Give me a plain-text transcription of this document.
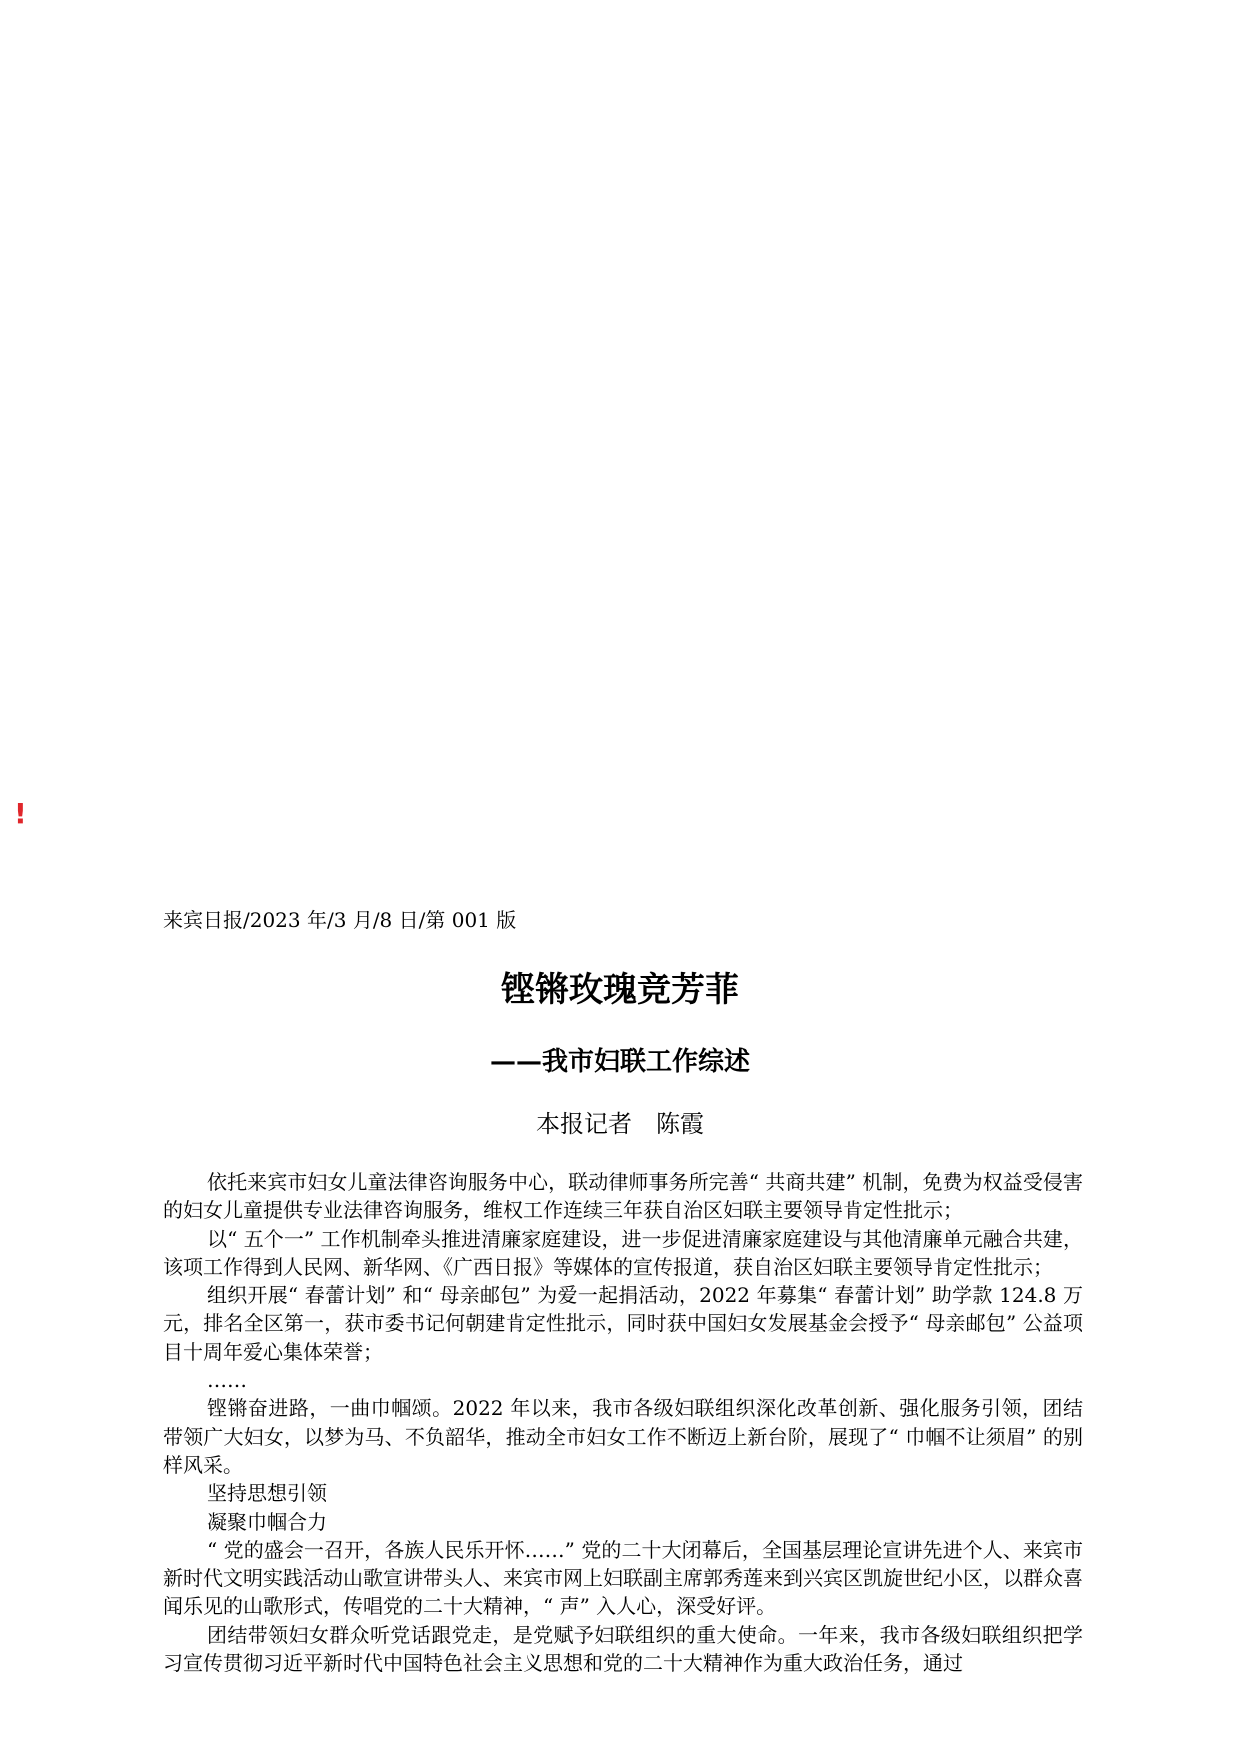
!
来宾日报/2023 年/3 月/8 日/第 001 版
铿锵玫瑰竞芳菲
——我市妇联工作综述
本报记者　陈霞

依托来宾市妇女儿童法律咨询服务中心，联动律师事务所完善“ 共商共建” 机制，免费为权益受侵害的妇女儿童提供专业法律咨询服务，维权工作连续三年获自治区妇联主要领导肯定性批示；

以“ 五个一” 工作机制牵头推进清廉家庭建设，进一步促进清廉家庭建设与其他清廉单元融合共建，该项工作得到人民网、新华网、《广西日报》等媒体的宣传报道，获自治区妇联主要领导肯定性批示；

组织开展“ 春蕾计划” 和“ 母亲邮包” 为爱一起捐活动，2022 年募集“ 春蕾计划” 助学款 124.8 万元，排名全区第一，获市委书记何朝建肯定性批示，同时获中国妇女发展基金会授予“ 母亲邮包” 公益项目十周年爱心集体荣誉；

……

铿锵奋进路，一曲巾帼颂。2022 年以来，我市各级妇联组织深化改革创新、强化服务引领，团结带领广大妇女，以梦为马、不负韶华，推动全市妇女工作不断迈上新台阶，展现了“ 巾帼不让须眉” 的别样风采。

坚持思想引领

凝聚巾帼合力

“ 党的盛会一召开，各族人民乐开怀……” 党的二十大闭幕后，全国基层理论宣讲先进个人、来宾市新时代文明实践活动山歌宣讲带头人、来宾市网上妇联副主席郭秀莲来到兴宾区凯旋世纪小区，以群众喜闻乐见的山歌形式，传唱党的二十大精神，“ 声” 入人心，深受好评。

团结带领妇女群众听党话跟党走，是党赋予妇联组织的重大使命。一年来，我市各级妇联组织把学习宣传贯彻习近平新时代中国特色社会主义思想和党的二十大精神作为重大政治任务，通过
